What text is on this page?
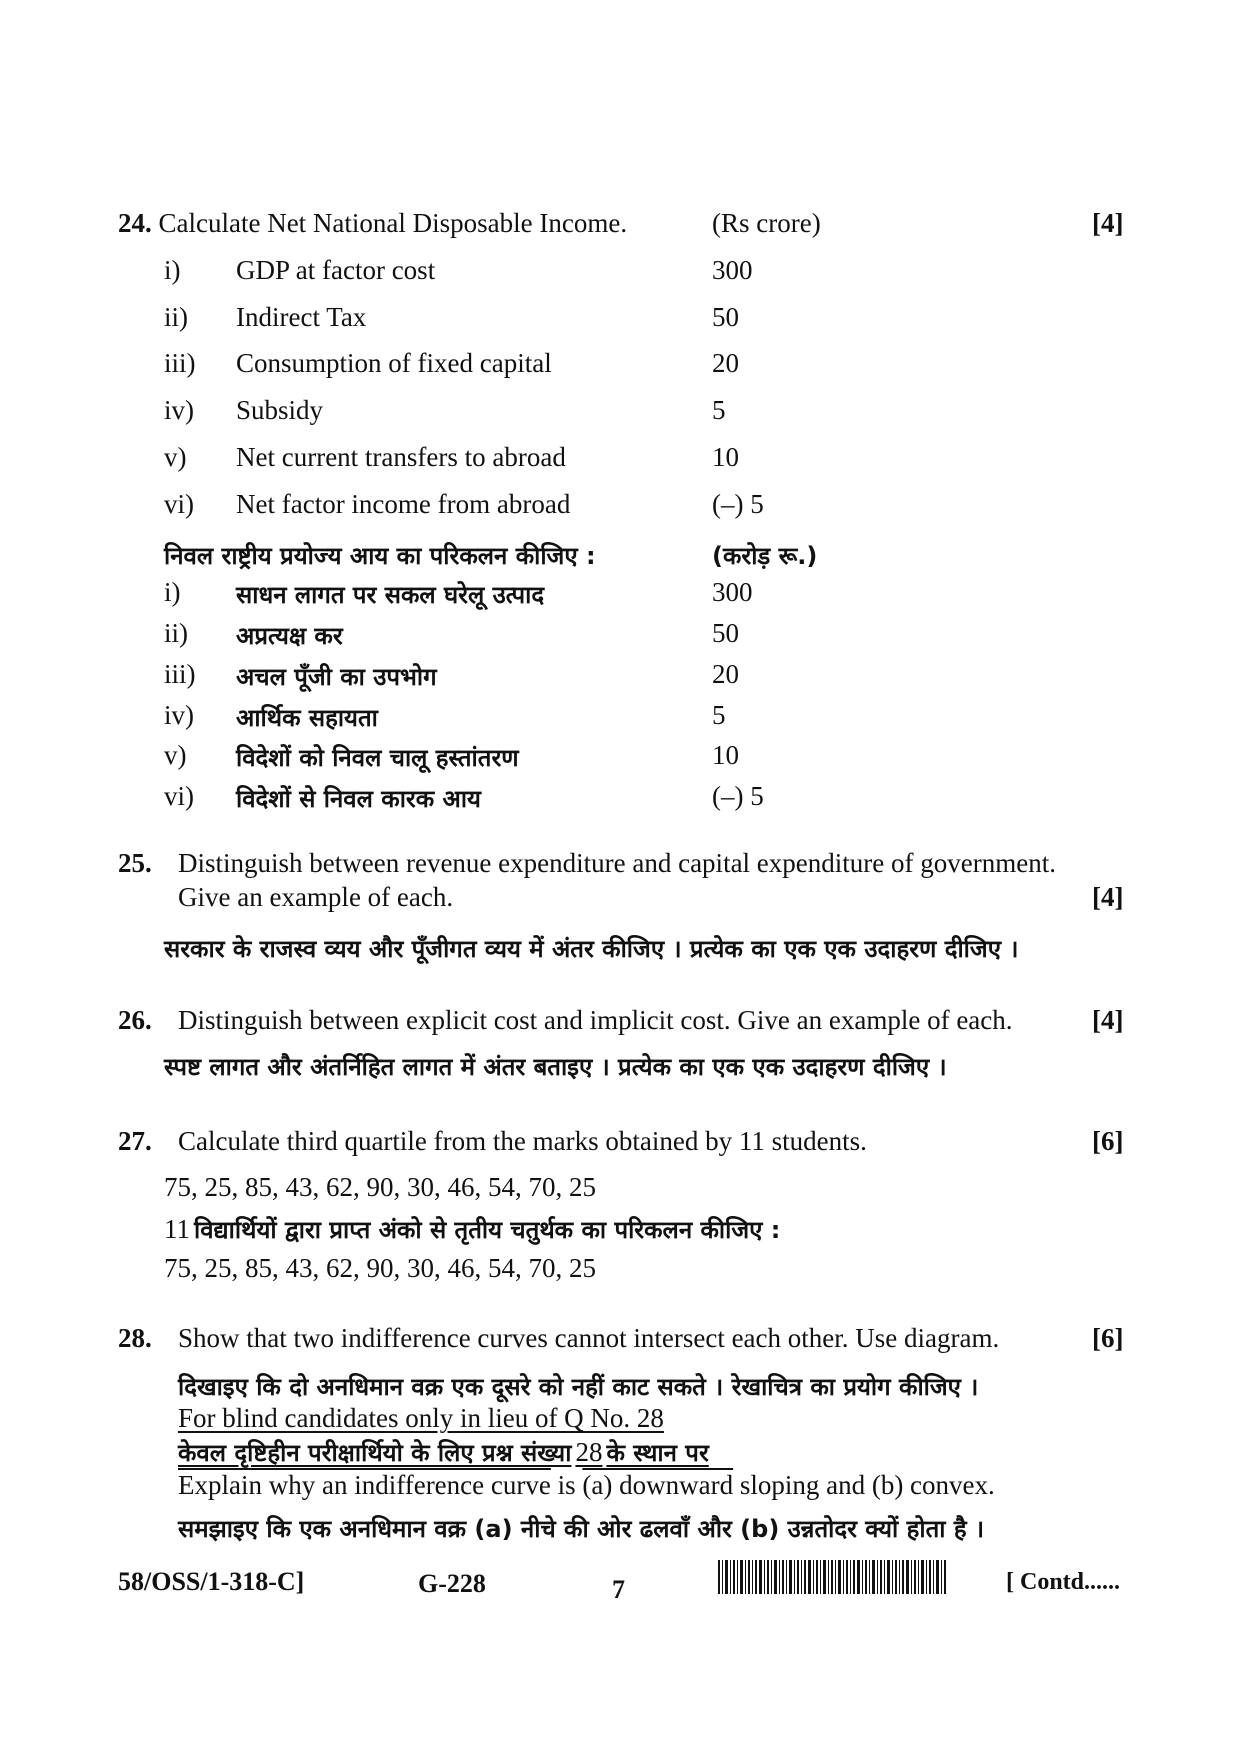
24. Calculate Net National Disposable Income.	(Rs crore)	[4]
i) GDP at factor cost	300
ii) Indirect Tax	50
iii) Consumption of fixed capital	20
iv) Subsidy	5
v) Net current transfers to abroad	10
vi) Net factor income from abroad	(–) 5
निवल राष्ट्रीय प्रयोज्य आय का परिकलन कीजिए :	(करोड़ रू.)
i) साधन लागत पर सकल घरेलू उत्पाद	300
ii) अप्रत्यक्ष कर	50
iii) अचल पूँजी का उपभोग	20
iv) आर्थिक सहायता	5
v) विदेशों को निवल चालू हस्तांतरण	10
vi) विदेशों से निवल कारक आय	(–) 5
25. Distinguish between revenue expenditure and capital expenditure of government.
Give an example of each.	[4]
सरकार के राजस्व व्यय और पूँजीगत व्यय में अंतर कीजिए । प्रत्येक का एक एक उदाहरण दीजिए ।
26. Distinguish between explicit cost and implicit cost. Give an example of each.	[4]
स्पष्ट लागत और अंतर्निहित लागत में अंतर बताइए । प्रत्येक का एक एक उदाहरण दीजिए ।
27. Calculate third quartile from the marks obtained by 11 students.	[6]
75, 25, 85, 43, 62, 90, 30, 46, 54, 70, 25
11 विद्यार्थियों द्वारा प्राप्त अंको से तृतीय चतुर्थक का परिकलन कीजिए :
75, 25, 85, 43, 62, 90, 30, 46, 54, 70, 25
28. Show that two indifference curves cannot intersect each other. Use diagram.	[6]
दिखाइए कि दो अनधिमान वक्र एक दूसरे को नहीं काट सकते । रेखाचित्र का प्रयोग कीजिए ।
For blind candidates only in lieu of Q No. 28
केवल दृष्टिहीन परीक्षार्थियो के लिए प्रश्न संख्या 28 के स्थान पर
Explain why an indifference curve is (a) downward sloping and (b) convex.
समझाइए कि एक अनधिमान वक्र (a) नीचे की ओर ढलवाँ और (b) उन्नतोदर क्यों होता है ।
58/OSS/1-318-C]	G-228	7	[ Contd......
